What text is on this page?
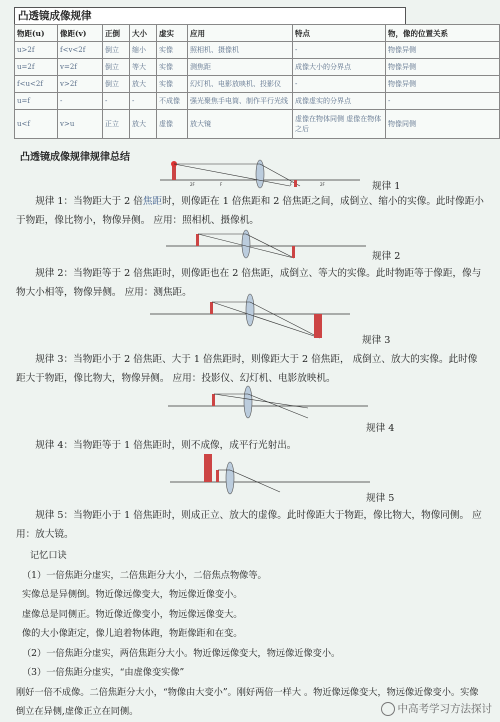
凸透镜成像规律
物距(u)	像距(v)	正倒	大小	虚实	应用	特点	物，像的位置关系
u>2f	f<v<2f	倒立	缩小	实像	照相机、摄像机	-	物像异侧
u=2f	v=2f	倒立	等大	实像	测焦距	成像大小的分界点	物像异侧
f<u<2f	v>2f	倒立	放大	实像	幻灯机、电影放映机、投影仪	-	物像异侧
u=f	-	-	-	不成像	强光聚焦手电筒、制作平行光线	成像虚实的分界点	-
u<f	v>u	正立	放大	虚像	放大镜	虚像在物体同侧 虚像在物体之后	物像同侧
凸透镜成像规律规律总结
2F	F	F	2F	规律 1
规律 1：当物距大于 2 倍焦距时，则像距在 1 倍焦距和 2 倍焦距之间，成倒立、缩小的实像。此时像距小于物距，像比物小，物像异侧。 应用：照相机、摄像机。
规律 2
规律 2：当物距等于 2 倍焦距时，则像距也在 2 倍焦距，成倒立、等大的实像。此时物距等于像距，像与物大小相等，物像异侧。 应用：测焦距。
规律 3
规律 3：当物距小于 2 倍焦距、大于 1 倍焦距时，则像距大于 2 倍焦距， 成倒立、放大的实像。此时像距大于物距，像比物大，物像异侧。 应用：投影仪、幻灯机、电影放映机。
规律 4
规律 4：当物距等于 1 倍焦距时，则不成像，成平行光射出。
规律 5
规律 5：当物距小于 1 倍焦距时，则成正立、放大的虚像。此时像距大于物距，像比物大，物像同侧。 应用：放大镜。
记忆口诀
（1）一倍焦距分虚实，二倍焦距分大小，二倍焦点物像等。
实像总是异侧倒。物近像远像变大，物远像近像变小。
虚像总是同侧正。物近像近像变小，物远像远像变大。
像的大小像距定，像儿追着物体跑，物距像距和在变。
（2）一倍焦距分虚实，两倍焦距分大小。物近像远像变大，物远像近像变小。
（3）一倍焦距分虚实，“由虚像变实像”
刚好一倍不成像。二倍焦距分大小，“物像由大变小”。刚好两倍一样大 。物近像远像变大，物远像近像变小。实像倒立在异侧,虚像正立在同侧。	中高考学习方法探讨
